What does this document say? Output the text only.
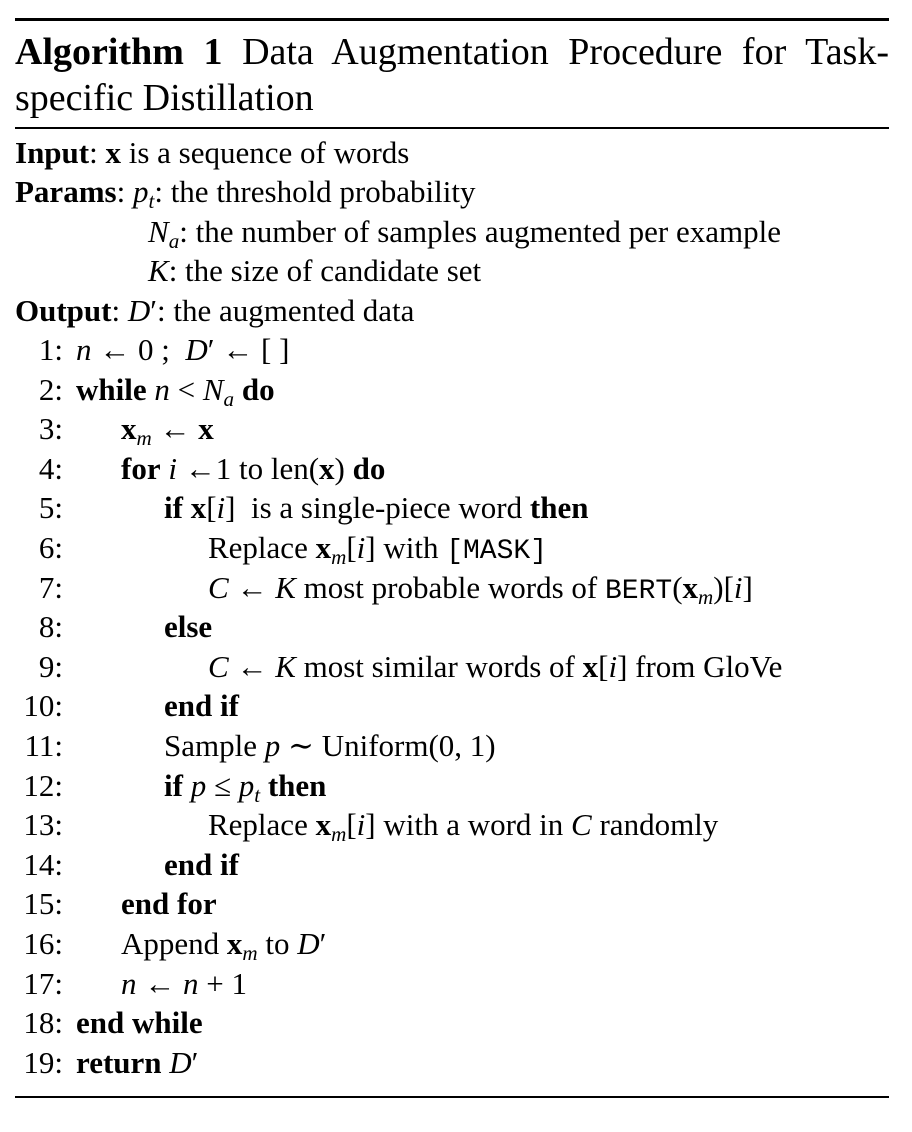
Algorithm 1 Data Augmentation Procedure for Task-specific Distillation
Input: x is a sequence of words
Params: $p_t$: the threshold probability
$N_a$: the number of samples augmented per example
K: the size of candidate set
Output: D′: the augmented data
1: n ← 0 ;  D′ ← [ ]
2: while $n < N_a$ do
3: $x_m$ ← x
4: for i ←1 to len(x) do
5:	if x[i]  is a single-piece word then
6:	Replace $x_m[i]$ with [MASK]
7:	C ← K most probable words of $BERT(x_m)[i]$
8:	else
9:	C ← K most similar words of x[i] from GloVe
10:	end if
11:	Sample p ∼ Uniform(0, 1)
12:	if $p \le p_t$ then
13:	Replace $x_m[i]$ with a word in C randomly
14:	end if
15: end for
16: Append $x_m$ to D′
17: n ← n + 1
18: end while
19: return D′
